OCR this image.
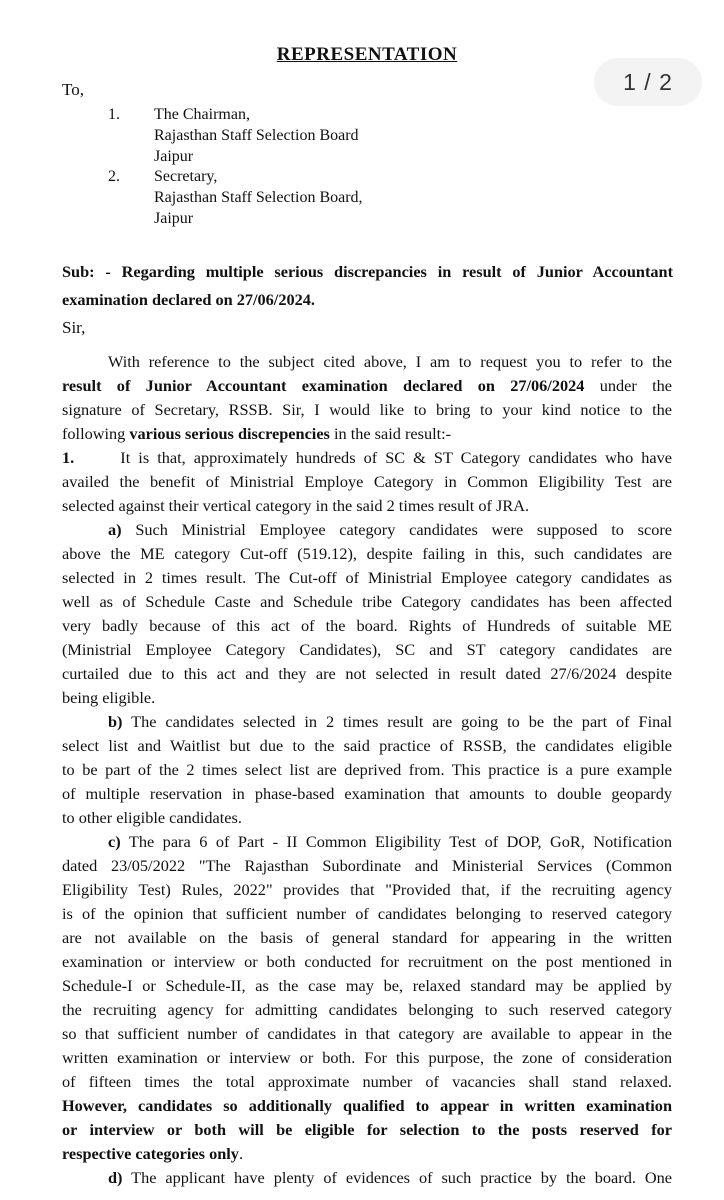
1 / 2
REPRESENTATION
To,
1. The Chairman,
Rajasthan Staff Selection Board
Jaipur
2. Secretary,
Rajasthan Staff Selection Board,
Jaipur
Sub: - Regarding multiple serious discrepancies in result of Junior Accountant
examination declared on 27/06/2024.
Sir,
With reference to the subject cited above, I am to request you to refer to the
result of Junior Accountant examination declared on 27/06/2024 under the
signature of Secretary, RSSB. Sir, I would like to bring to your kind notice to the
following various serious discrepencies in the said result:-
1.	It is that, approximately hundreds of SC & ST Category candidates who have
availed the benefit of Ministrial Employe Category in Common Eligibility Test are
selected against their vertical category in the said 2 times result of JRA.
a) Such Ministrial Employee category candidates were supposed to score
above the ME category Cut-off (519.12), despite failing in this, such candidates are
selected in 2 times result. The Cut-off of Ministrial Employee category candidates as
well as of Schedule Caste and Schedule tribe Category candidates has been affected
very badly because of this act of the board. Rights of Hundreds of suitable ME
(Ministrial Employee Category Candidates), SC and ST category candidates are
curtailed due to this act and they are not selected in result dated 27/6/2024 despite
being eligible.
b) The candidates selected in 2 times result are going to be the part of Final
select list and Waitlist but due to the said practice of RSSB, the candidates eligible
to be part of the 2 times select list are deprived from. This practice is a pure example
of multiple reservation in phase-based examination that amounts to double geopardy
to other eligible candidates.
c) The para 6 of Part - II Common Eligibility Test of DOP, GoR, Notification
dated 23/05/2022 "The Rajasthan Subordinate and Ministerial Services (Common
Eligibility Test) Rules, 2022" provides that "Provided that, if the recruiting agency
is of the opinion that sufficient number of candidates belonging to reserved category
are not available on the basis of general standard for appearing in the written
examination or interview or both conducted for recruitment on the post mentioned in
Schedule-I or Schedule-II, as the case may be, relaxed standard may be applied by
the recruiting agency for admitting candidates belonging to such reserved category
so that sufficient number of candidates in that category are available to appear in the
written examination or interview or both. For this purpose, the zone of consideration
of fifteen times the total approximate number of vacancies shall stand relaxed.
However, candidates so additionally qualified to appear in written examination
or interview or both will be eligible for selection to the posts reserved for
respective categories only.
d) The applicant have plenty of evidences of such practice by the board. One
